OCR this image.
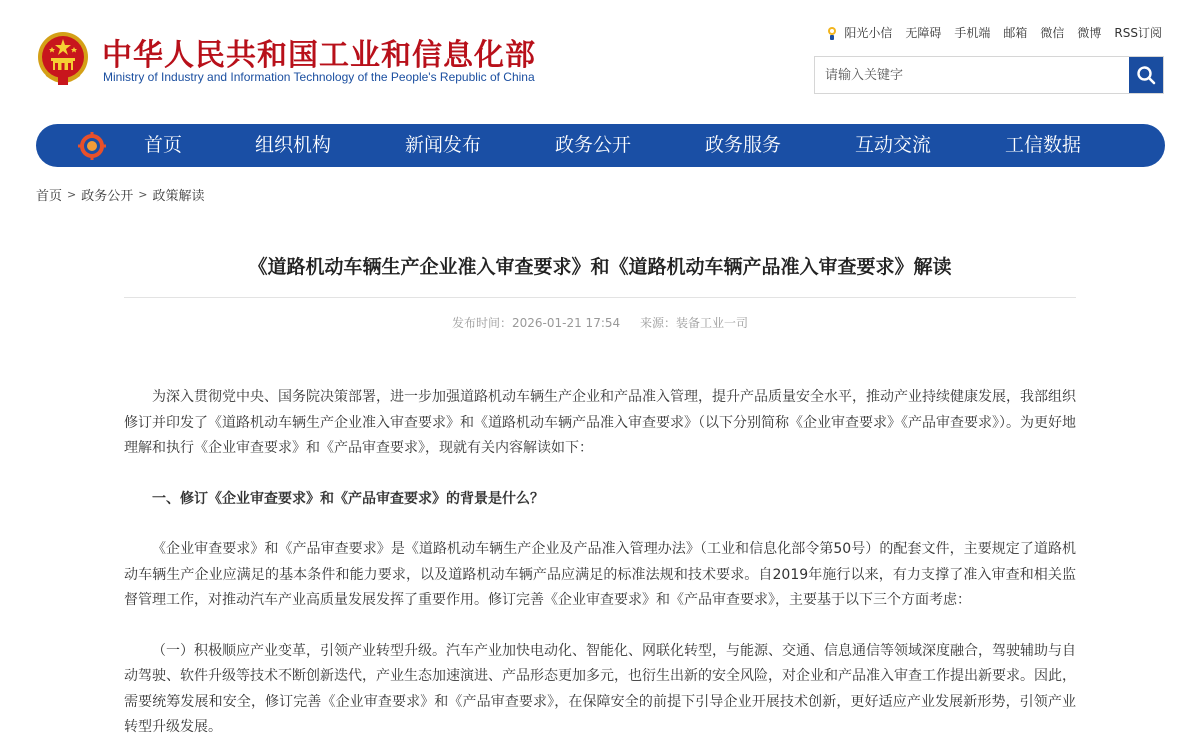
中华人民共和国工业和信息化部
Ministry of Industry and Information Technology of the People's Republic of China
阳光小信 无障碍 手机端 邮箱 微信 微博 RSS订阅
请输入关键字
首页	组织机构	新闻发布	政务公开	政务服务	互动交流	工信数据
首页 > 政务公开 > 政策解读
《道路机动车辆生产企业准入审查要求》和《道路机动车辆产品准入审查要求》解读
发布时间：2026-01-21 17:54 来源：装备工业一司

为深入贯彻党中央、国务院决策部署，进一步加强道路机动车辆生产企业和产品准入管理，提升产品质量安全水平，推动产业持续健康发展，我部组织修订并印发了《道路机动车辆生产企业准入审查要求》和《道路机动车辆产品准入审查要求》（以下分别简称《企业审查要求》《产品审查要求》）。为更好地理解和执行《企业审查要求》和《产品审查要求》，现就有关内容解读如下：

一、修订《企业审查要求》和《产品审查要求》的背景是什么？

《企业审查要求》和《产品审查要求》是《道路机动车辆生产企业及产品准入管理办法》（工业和信息化部令第50号）的配套文件，主要规定了道路机动车辆生产企业应满足的基本条件和能力要求，以及道路机动车辆产品应满足的标准法规和技术要求。自2019年施行以来，有力支撑了准入审查和相关监督管理工作，对推动汽车产业高质量发展发挥了重要作用。修订完善《企业审查要求》和《产品审查要求》，主要基于以下三个方面考虑：

（一）积极顺应产业变革，引领产业转型升级。汽车产业加快电动化、智能化、网联化转型，与能源、交通、信息通信等领域深度融合，驾驶辅助与自动驾驶、软件升级等技术不断创新迭代，产业生态加速演进、产品形态更加多元，也衍生出新的安全风险，对企业和产品准入审查工作提出新要求。因此，需要统筹发展和安全，修订完善《企业审查要求》和《产品审查要求》，在保障安全的前提下引导企业开展技术创新，更好适应产业发展新形势，引领产业转型升级发展。
